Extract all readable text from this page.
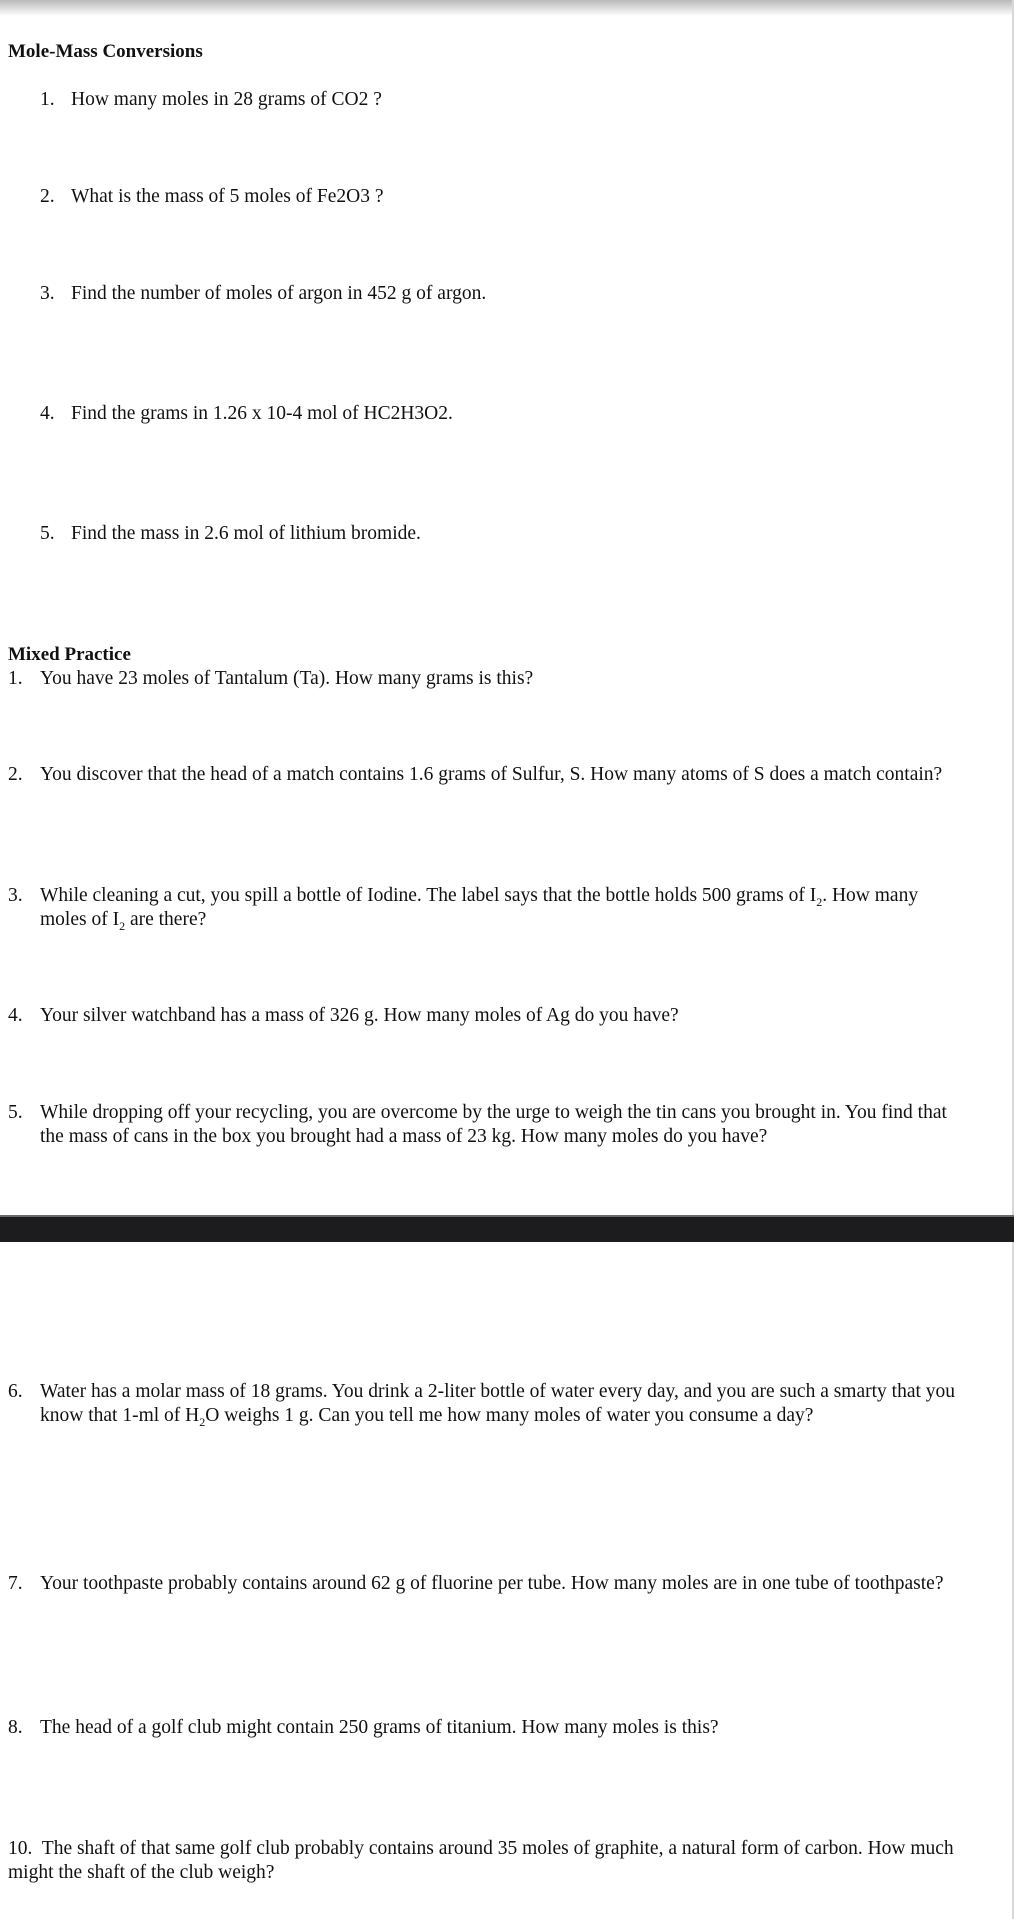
Mole-Mass Conversions
1. How many moles in 28 grams of CO2 ?
2. What is the mass of 5 moles of Fe2O3 ?
3. Find the number of moles of argon in 452 g of argon.
4. Find the grams in 1.26 x 10-4 mol of HC2H3O2.
5. Find the mass in 2.6 mol of lithium bromide.
Mixed Practice
1. You have 23 moles of Tantalum (Ta). How many grams is this?
2. You discover that the head of a match contains 1.6 grams of Sulfur, S. How many atoms of S does a match contain?
3. While cleaning a cut, you spill a bottle of Iodine. The label says that the bottle holds 500 grams of $I_2$. How many moles of $I_2$ are there?
4. Your silver watchband has a mass of 326 g. How many moles of Ag do you have?
5. While dropping off your recycling, you are overcome by the urge to weigh the tin cans you brought in. You find that the mass of cans in the box you brought had a mass of 23 kg. How many moles do you have?
6. Water has a molar mass of 18 grams. You drink a 2-liter bottle of water every day, and you are such a smarty that you know that 1-ml of $H_2O$ weighs 1 g. Can you tell me how many moles of water you consume a day?
7. Your toothpaste probably contains around 62 g of fluorine per tube. How many moles are in one tube of toothpaste?
8. The head of a golf club might contain 250 grams of titanium. How many moles is this?
10. The shaft of that same golf club probably contains around 35 moles of graphite, a natural form of carbon. How much might the shaft of the club weigh?
